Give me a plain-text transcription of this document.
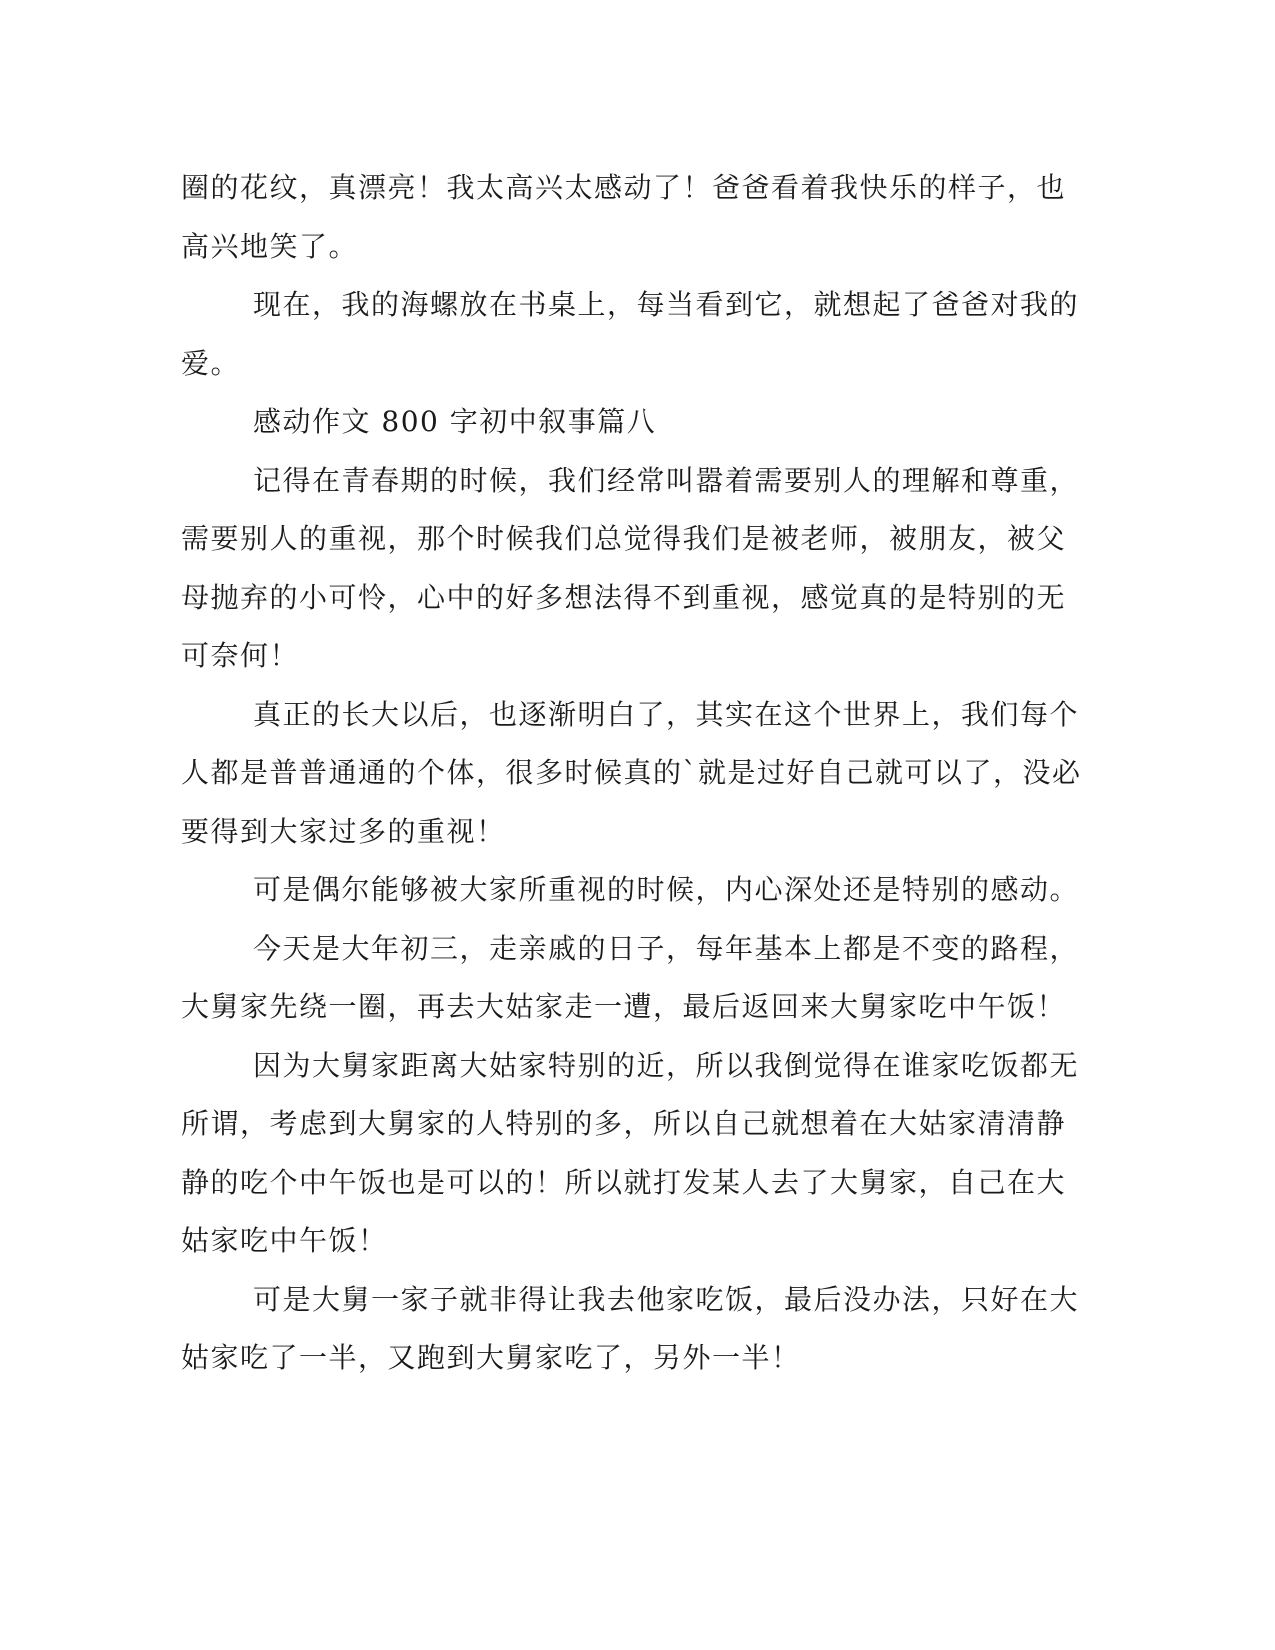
圈的花纹，真漂亮！我太高兴太感动了！爸爸看着我快乐的样子，也
高兴地笑了。
现在，我的海螺放在书桌上，每当看到它，就想起了爸爸对我的
爱。
感动作文 800 字初中叙事篇八
记得在青春期的时候，我们经常叫嚣着需要别人的理解和尊重，
需要别人的重视，那个时候我们总觉得我们是被老师，被朋友，被父
母抛弃的小可怜，心中的好多想法得不到重视，感觉真的是特别的无
可奈何！
真正的长大以后，也逐渐明白了，其实在这个世界上，我们每个
人都是普普通通的个体，很多时候真的`就是过好自己就可以了，没必
要得到大家过多的重视！
可是偶尔能够被大家所重视的时候，内心深处还是特别的感动。
今天是大年初三，走亲戚的日子，每年基本上都是不变的路程，
大舅家先绕一圈，再去大姑家走一遭，最后返回来大舅家吃中午饭！
因为大舅家距离大姑家特别的近，所以我倒觉得在谁家吃饭都无
所谓，考虑到大舅家的人特别的多，所以自己就想着在大姑家清清静
静的吃个中午饭也是可以的！所以就打发某人去了大舅家，自己在大
姑家吃中午饭！
可是大舅一家子就非得让我去他家吃饭，最后没办法，只好在大
姑家吃了一半，又跑到大舅家吃了，另外一半！
